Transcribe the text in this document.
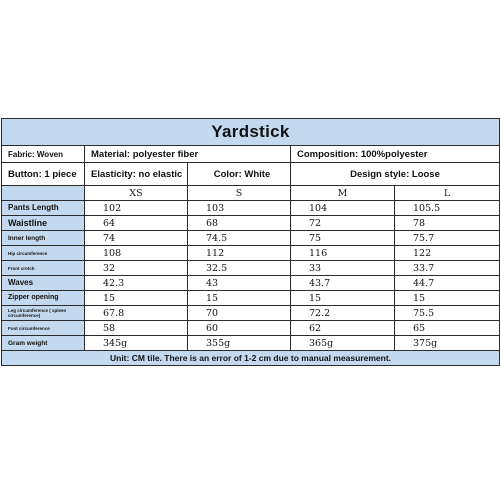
Yardstick				
Fabric: Woven	Material: polyester fiber		Composition: 100%polyester	
Button: 1 piece	Elasticity: no elastic	Color: White	Design style: Loose	
	XS	S	M	L
Pants Length	102	103	104	105.5
Waistline	64	68	72	78
Inner length	74	74.5	75	75.7
Hip circumference	108	112	116	122
Front crotch	32	32.5	33	33.7
Waves	42.3	43	43.7	44.7
Zipper opening	15	15	15	15
Leg circumference ( spleen circumference)	67.8	70	72.2	75.5
Foot circumference	58	60	62	65
Gram weight	345g	355g	365g	375g
Unit: CM tile. There is an error of 1-2 cm due to manual measurement.				
